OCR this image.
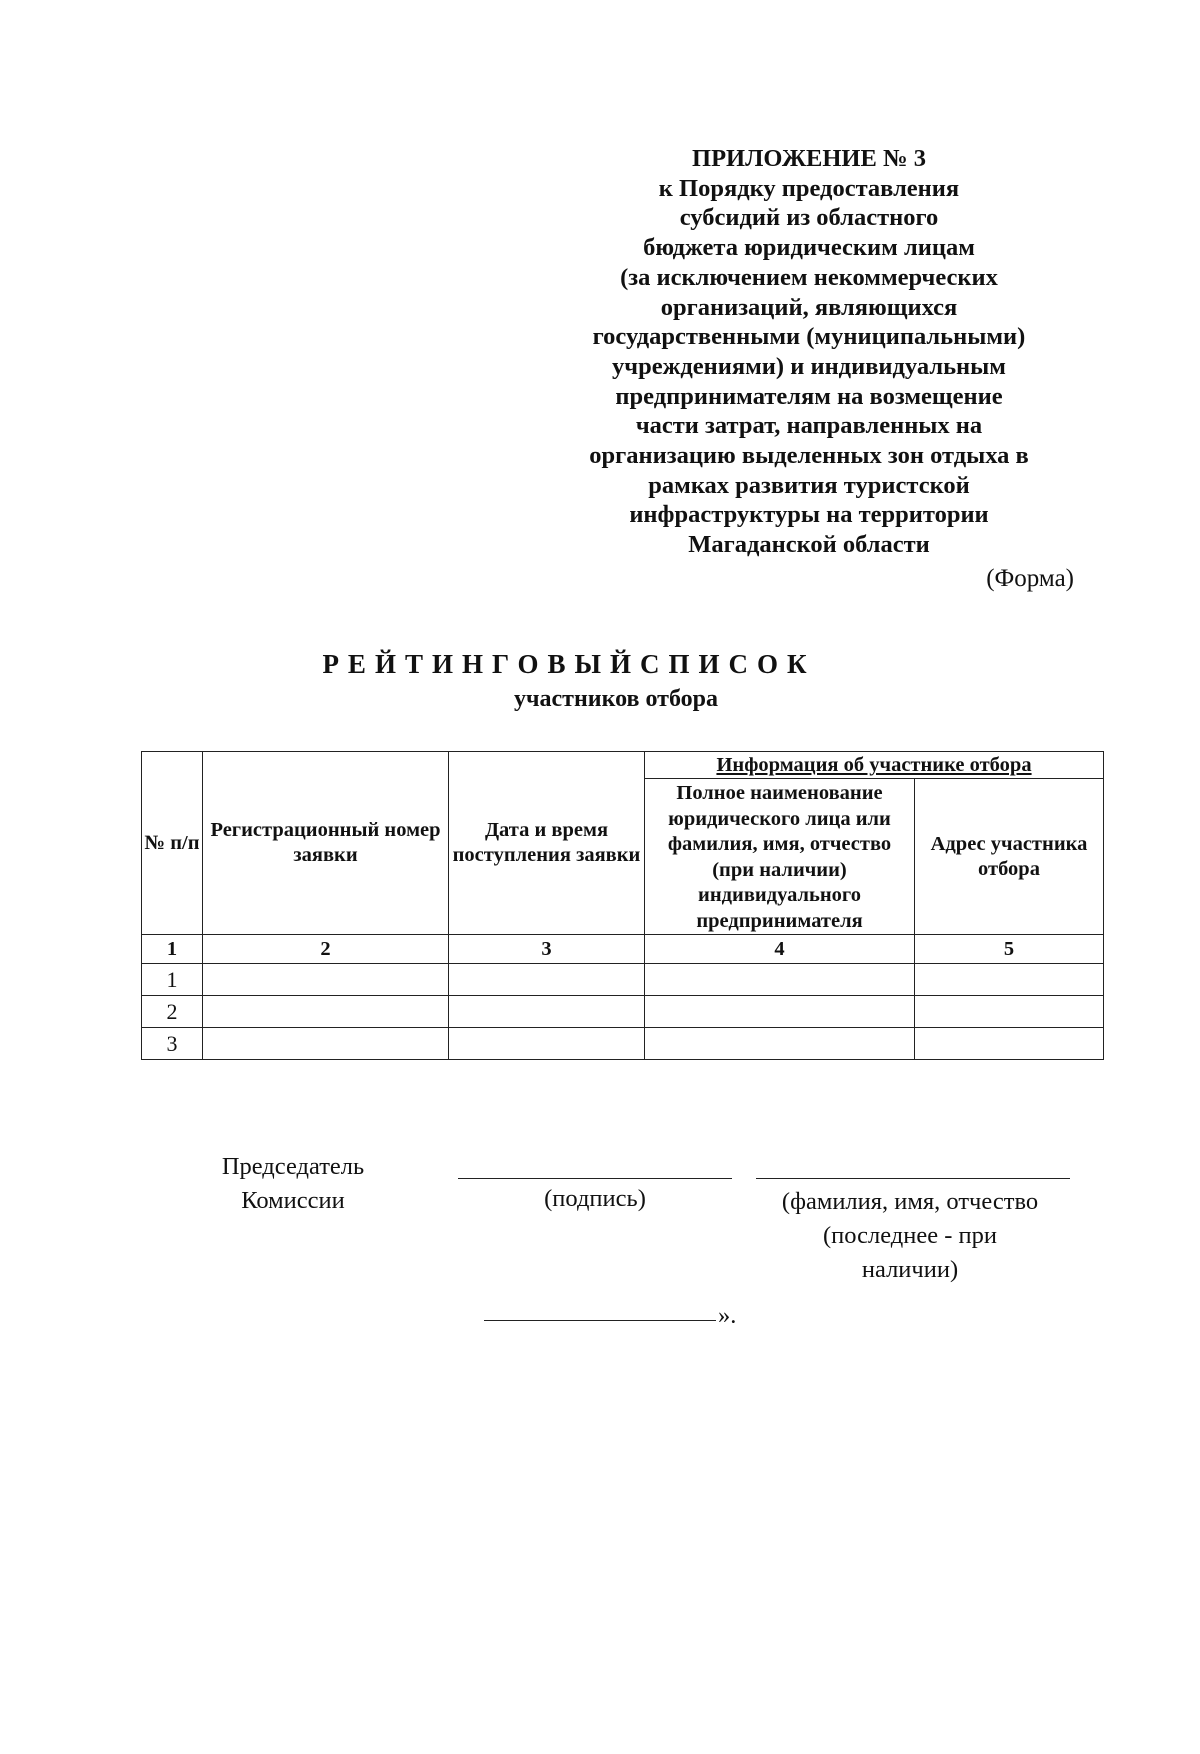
ПРИЛОЖЕНИЕ № 3
к Порядку предоставления
субсидий из областного
бюджета юридическим лицам
(за исключением некоммерческих
организаций, являющихся
государственными (муниципальными)
учреждениями) и индивидуальным
предпринимателям на возмещение
части затрат, направленных на
организацию выделенных зон отдыха в
рамках развития туристской
инфраструктуры на территории
Магаданской области
(Форма)
РЕЙТИНГОВЫЙСПИСОК
участников отбора
№ п/п	Регистрационный номер заявки	Дата и время поступления заявки	Информация об участнике отбора	
			Полное наименование юридического лица или фамилия, имя, отчество (при наличии) индивидуального предпринимателя	Адрес участника отбора
1	2	3	4	5
1				
2				
3				
Председатель
Комиссии	(подпись)	(фамилия, имя, отчество
(последнее - при
наличии)
».
